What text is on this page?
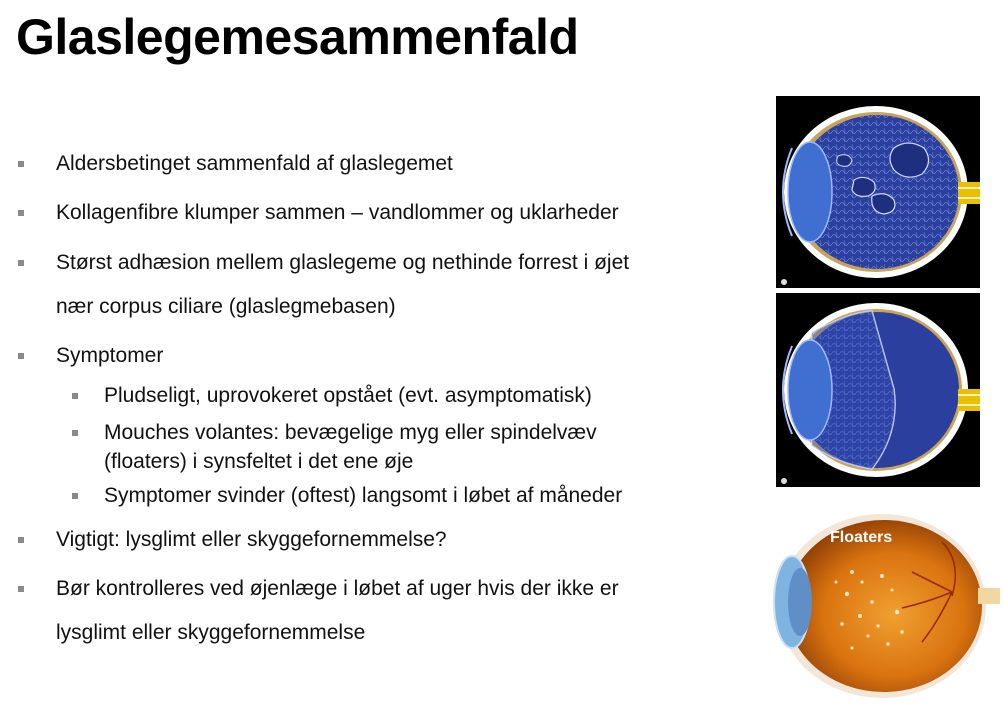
Glaslegemesammenfald
Aldersbetinget sammenfald af glaslegemet
Kollagenfibre klumper sammen – vandlommer og uklarheder
Størst adhæsion mellem glaslegeme og nethinde forrest i øjet
nær corpus ciliare (glaslegmebasen)
Symptomer
Pludseligt, uprovokeret opstået (evt. asymptomatisk)
Mouches volantes: bevægelige myg eller spindelvæv
(floaters) i synsfeltet i det ene øje
Symptomer svinder (oftest) langsomt i løbet af måneder
Vigtigt: lysglimt eller skyggefornemmelse?
Bør kontrolleres ved øjenlæge i løbet af uger hvis der ikke er
lysglimt eller skyggefornemmelse
Floaters
